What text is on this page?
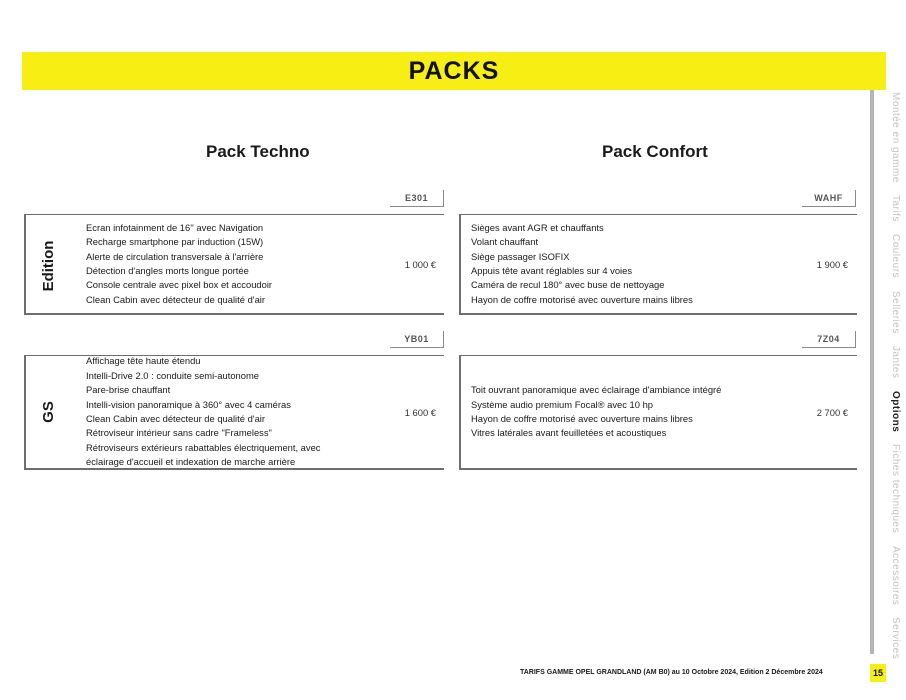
PACKS
Pack Techno	Pack Confort
E301	WAHF
Edition
Ecran infotainment de 16'' avec Navigation
Recharge smartphone par induction (15W)
Alerte de circulation transversale à l'arrière
Détection d'angles morts longue portée
Console centrale avec pixel box et accoudoir
Clean Cabin avec détecteur de qualité d'air
1 000 €
Sièges avant AGR et chauffants
Volant chauffant
Siège passager ISOFIX
Appuis tête avant réglables sur 4 voies
Caméra de recul 180° avec buse de nettoyage
Hayon de coffre motorisé avec ouverture mains libres
1 900 €
YB01	7Z04
GS
Affichage tête haute étendu
Intelli-Drive 2.0 : conduite semi-autonome
Pare-brise chauffant
Intelli-vision panoramique à 360° avec 4 caméras
Clean Cabin avec détecteur de qualité d'air
Rétroviseur intérieur sans cadre "Frameless"
Rétroviseurs extérieurs rabattables électriquement, avec
éclairage d'accueil et indexation de marche arrière
1 600 €
Toit ouvrant panoramique avec éclairage d'ambiance intégré
Système audio premium Focal® avec 10 hp
Hayon de coffre motorisé avec ouverture mains libres
Vitres latérales avant feuilletées et acoustiques
2 700 €
Montée en gamme Tarifs Couleurs Selleries Jantes Options Fiches techniques Accessoires Services
TARIFS GAMME OPEL GRANDLAND (AM B0) au 10 Octobre 2024, Edition 2 Décembre 2024	15
